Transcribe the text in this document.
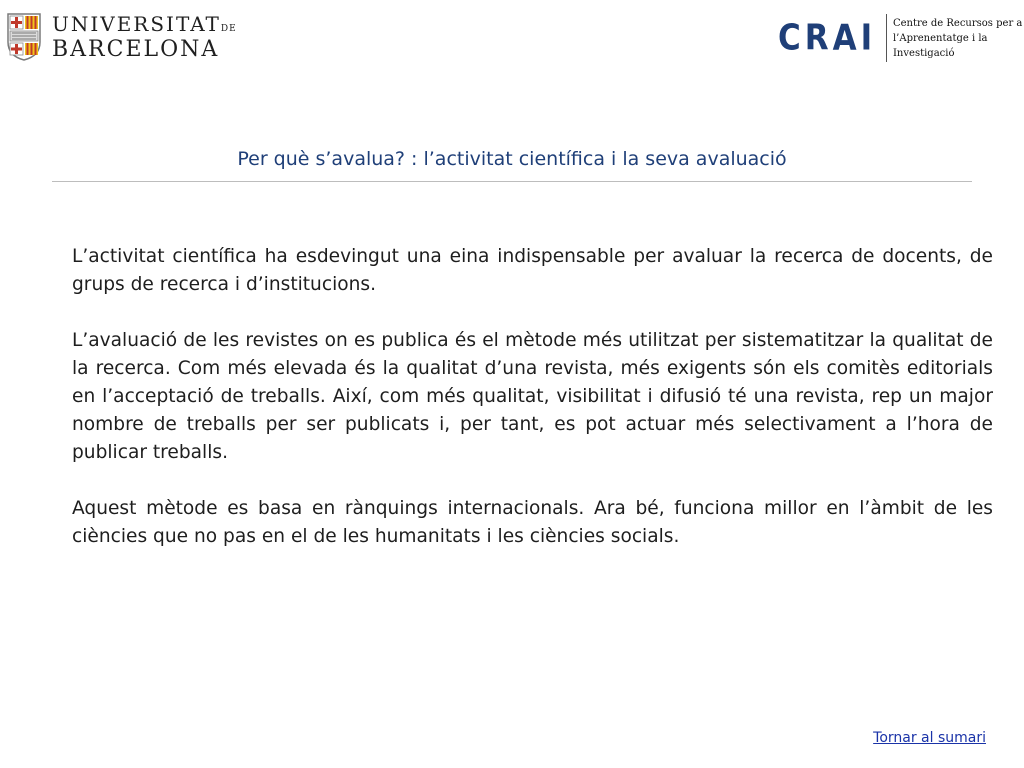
UNIVERSITATDE
BARCELONA	CRAI Centre de Recursos per a
l’Aprenentatge i la Investigació
Per què s’avalua? : l’activitat científica i la seva avaluació

L’activitat científica ha esdevingut una eina indispensable per avaluar la recerca de docents, de grups de recerca i d’institucions.

L’avaluació de les revistes on es publica és el mètode més utilitzat per sistematitzar la qualitat de la recerca. Com més elevada és la qualitat d’una revista, més exigents són els comitès editorials en l’acceptació de treballs. Així, com més qualitat, visibilitat i difusió té una revista, rep un major nombre de treballs per ser publicats i, per tant, es pot actuar més selectivament a l’hora de publicar treballs.

Aquest mètode es basa en rànquings internacionals. Ara bé, funciona millor en l’àmbit de les ciències que no pas en el de les humanitats i les ciències socials.

Tornar al sumari
